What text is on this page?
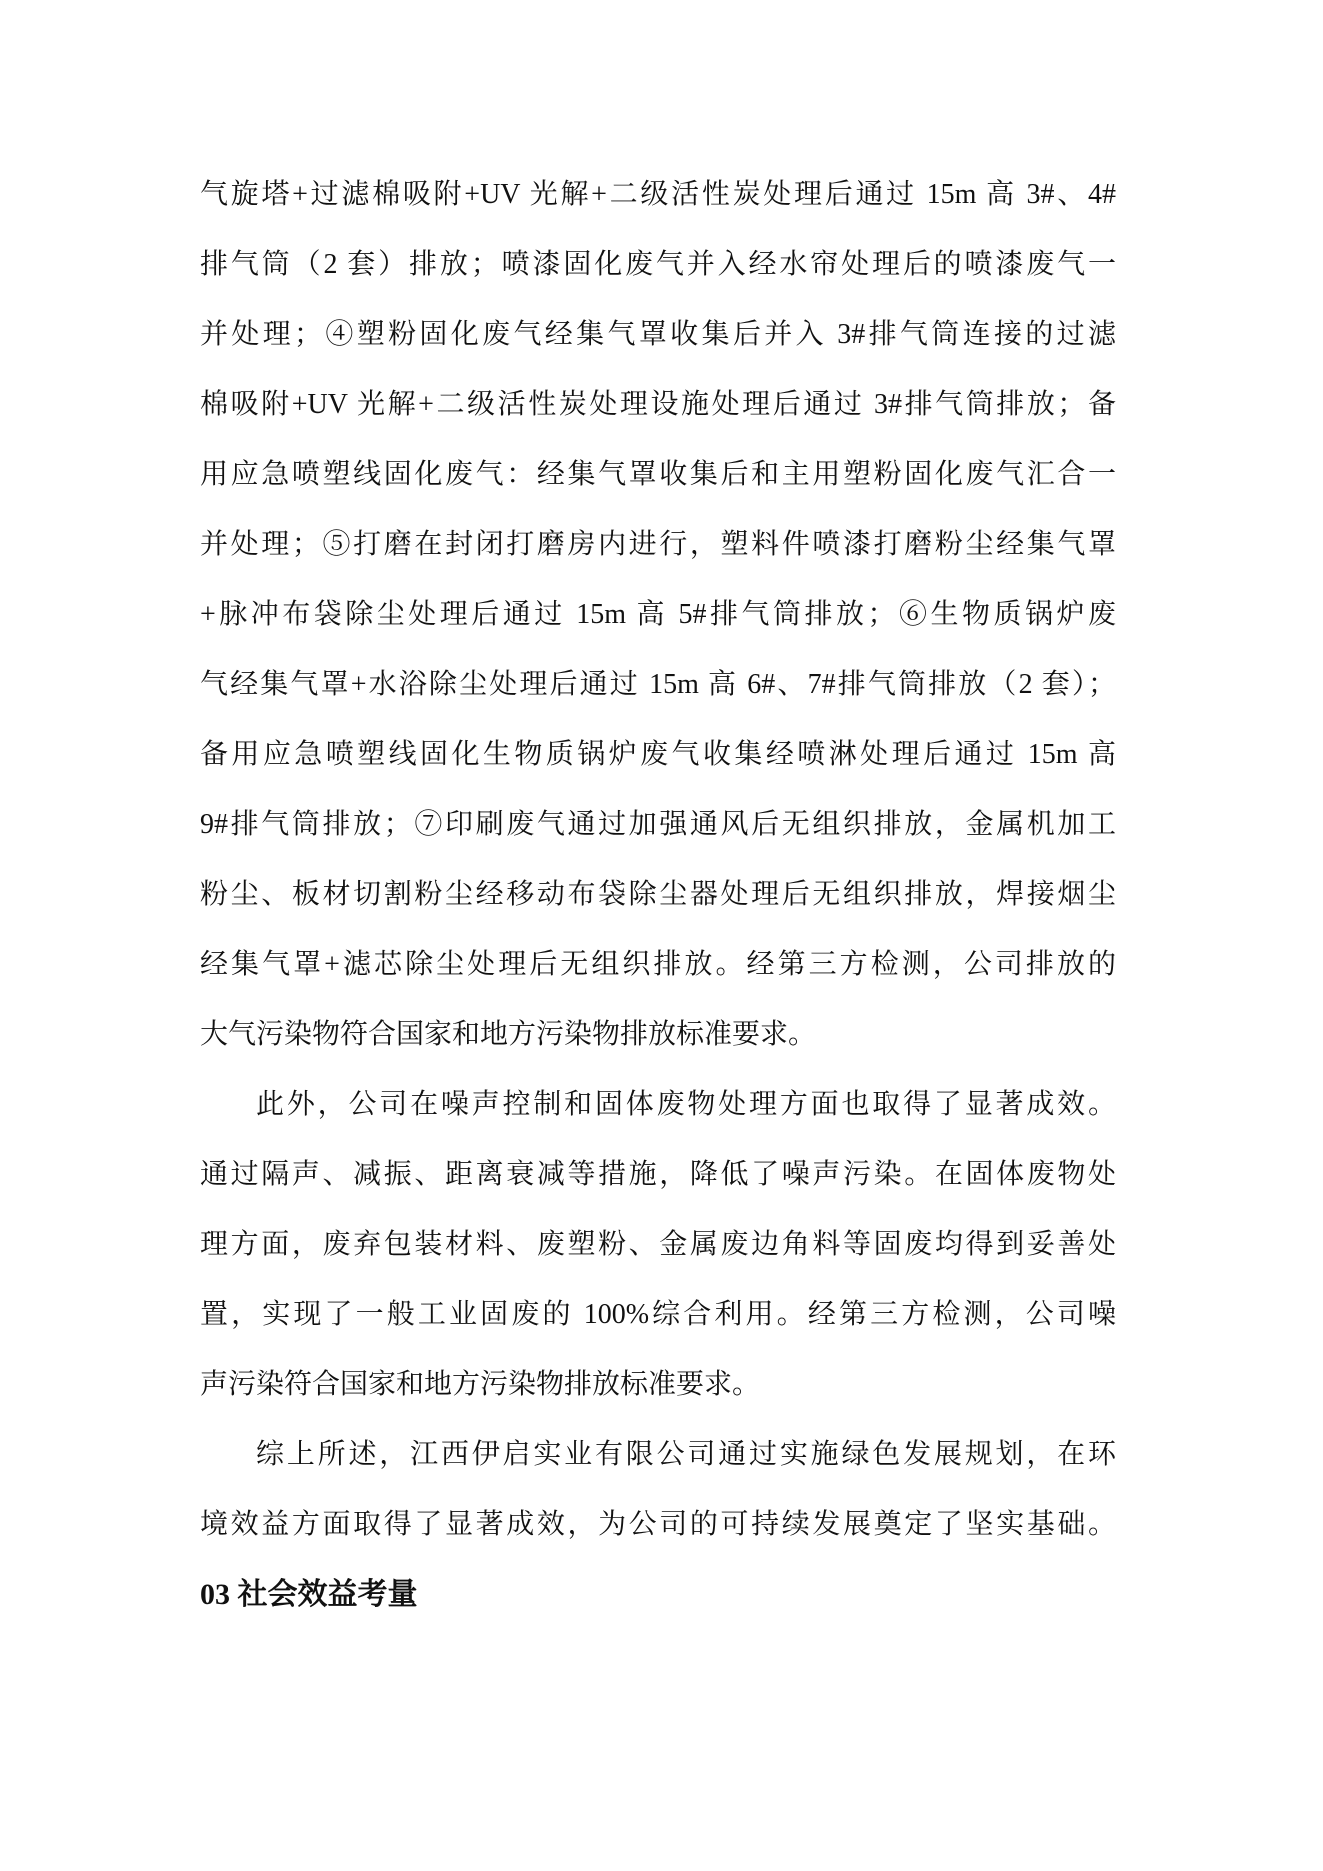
气旋塔+过滤棉吸附+UV 光解+二级活性炭处理后通过 15m 高 3#、4#
排气筒（2 套）排放；喷漆固化废气并入经水帘处理后的喷漆废气一
并处理；④塑粉固化废气经集气罩收集后并入 3#排气筒连接的过滤
棉吸附+UV 光解+二级活性炭处理设施处理后通过 3#排气筒排放；备
用应急喷塑线固化废气：经集气罩收集后和主用塑粉固化废气汇合一
并处理；⑤打磨在封闭打磨房内进行，塑料件喷漆打磨粉尘经集气罩
+脉冲布袋除尘处理后通过 15m 高 5#排气筒排放；⑥生物质锅炉废
气经集气罩+水浴除尘处理后通过 15m 高 6#、7#排气筒排放（2 套）；
备用应急喷塑线固化生物质锅炉废气收集经喷淋处理后通过 15m 高
9#排气筒排放；⑦印刷废气通过加强通风后无组织排放，金属机加工
粉尘、板材切割粉尘经移动布袋除尘器处理后无组织排放，焊接烟尘
经集气罩+滤芯除尘处理后无组织排放。经第三方检测，公司排放的
大气污染物符合国家和地方污染物排放标准要求。
此外，公司在噪声控制和固体废物处理方面也取得了显著成效。
通过隔声、减振、距离衰减等措施，降低了噪声污染。在固体废物处
理方面，废弃包装材料、废塑粉、金属废边角料等固废均得到妥善处
置，实现了一般工业固废的 100%综合利用。经第三方检测，公司噪
声污染符合国家和地方污染物排放标准要求。
综上所述，江西伊启实业有限公司通过实施绿色发展规划，在环
境效益方面取得了显著成效，为公司的可持续发展奠定了坚实基础。
03 社会效益考量
